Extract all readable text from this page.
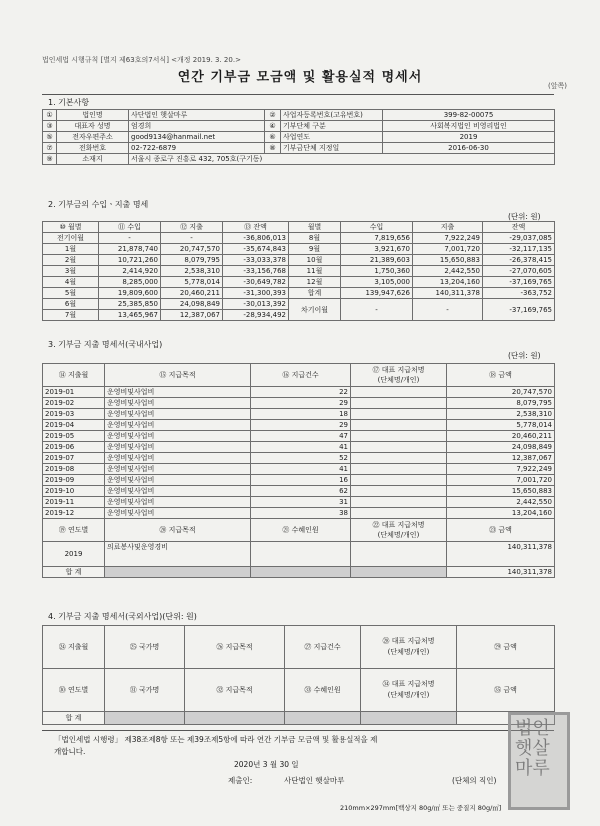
법인세법 시행규칙 [별지 제63호의7서식] <개정 2019. 3. 20.>
연간 기부금 모금액 및 활용실적 명세서
(앞쪽)
1. 기본사항
①	법인명	사단법인 햇살마루	②	사업자등록번호(고유번호)	399-82-00075
③	대표자 성명	엄경희	④	기부단체 구분	사회복지법인 비영리법인
⑤	전자우편주소	good9134@hanmail.net	⑥	사업연도	2019
⑦	전화번호	02-722-6879	⑧	기부금단체 지정일	2016-06-30
⑨	소재지	서울시 종로구 진흥로 432, 705호(구기동)			
2. 기부금의 수입ㆍ지출 명세
(단위: 원)
⑩ 월별	⑪ 수입	⑫ 지출	⑬ 잔액	월별	수입	지출	잔액
전기이월	-	-	-36,806,013	8월	7,819,656	7,922,249	-29,037,085
1월	21,878,740	20,747,570	-35,674,843	9월	3,921,670	7,001,720	-32,117,135
2월	10,721,260	8,079,795	-33,033,378	10월	21,389,603	15,650,883	-26,378,415
3월	2,414,920	2,538,310	-33,156,768	11월	1,750,360	2,442,550	-27,070,605
4월	8,285,000	5,778,014	-30,649,782	12월	3,105,000	13,204,160	-37,169,765
5월	19,809,600	20,460,211	-31,300,393	합계	139,947,626	140,311,378	-363,752
6월	25,385,850	24,098,849	-30,013,392	차기이월	-	-	-37,169,765
7월	13,465,967	12,387,067	-28,934,492				
3. 기부금 지출 명세서(국내사업)
(단위: 원)
⑭ 지출월	⑮ 지급목적	⑯ 지급건수	⑰ 대표 지급처명
(단체명/개인)	⑱ 금액
2019-01	운영비및사업비	22		20,747,570
2019-02	운영비및사업비	29		8,079,795
2019-03	운영비및사업비	18		2,538,310
2019-04	운영비및사업비	29		5,778,014
2019-05	운영비및사업비	47		20,460,211
2019-06	운영비및사업비	41		24,098,849
2019-07	운영비및사업비	52		12,387,067
2019-08	운영비및사업비	41		7,922,249
2019-09	운영비및사업비	16		7,001,720
2019-10	운영비및사업비	62		15,650,883
2019-11	운영비및사업비	31		2,442,550
2019-12	운영비및사업비	38		13,204,160
⑲ 연도별	⑳ 지급목적	㉑ 수혜인원	㉒ 대표 지급처명
(단체명/개인)	㉓ 금액
2019	의료봉사및운영경비			140,311,378
합 계				140,311,378
4. 기부금 지출 명세서(국외사업)(단위: 원)
㉔ 지출월	㉕ 국가명	㉖ 지급목적	㉗ 지급건수	㉘ 대표 지급처명
(단체명/개인)	㉙ 금액
㉚ 연도별	㉛ 국가명	㉜ 지급목적	㉝ 수혜인원	㉞ 대표 지급처명
(단체명/개인)	㉟ 금액
합 계					
「법인세법 시행령」 제38조제8항 또는 제39조제5항에 따라 연간 기부금 모금액 및 활용실적을 제
개합니다.
2020년 3 월 30 일
제출인:	사단법인 햇살마루	(단체의 직인)
210mm×297mm[백상지 80g/㎡ 또는 중질지 80g/㎡]
법인햇살마루
